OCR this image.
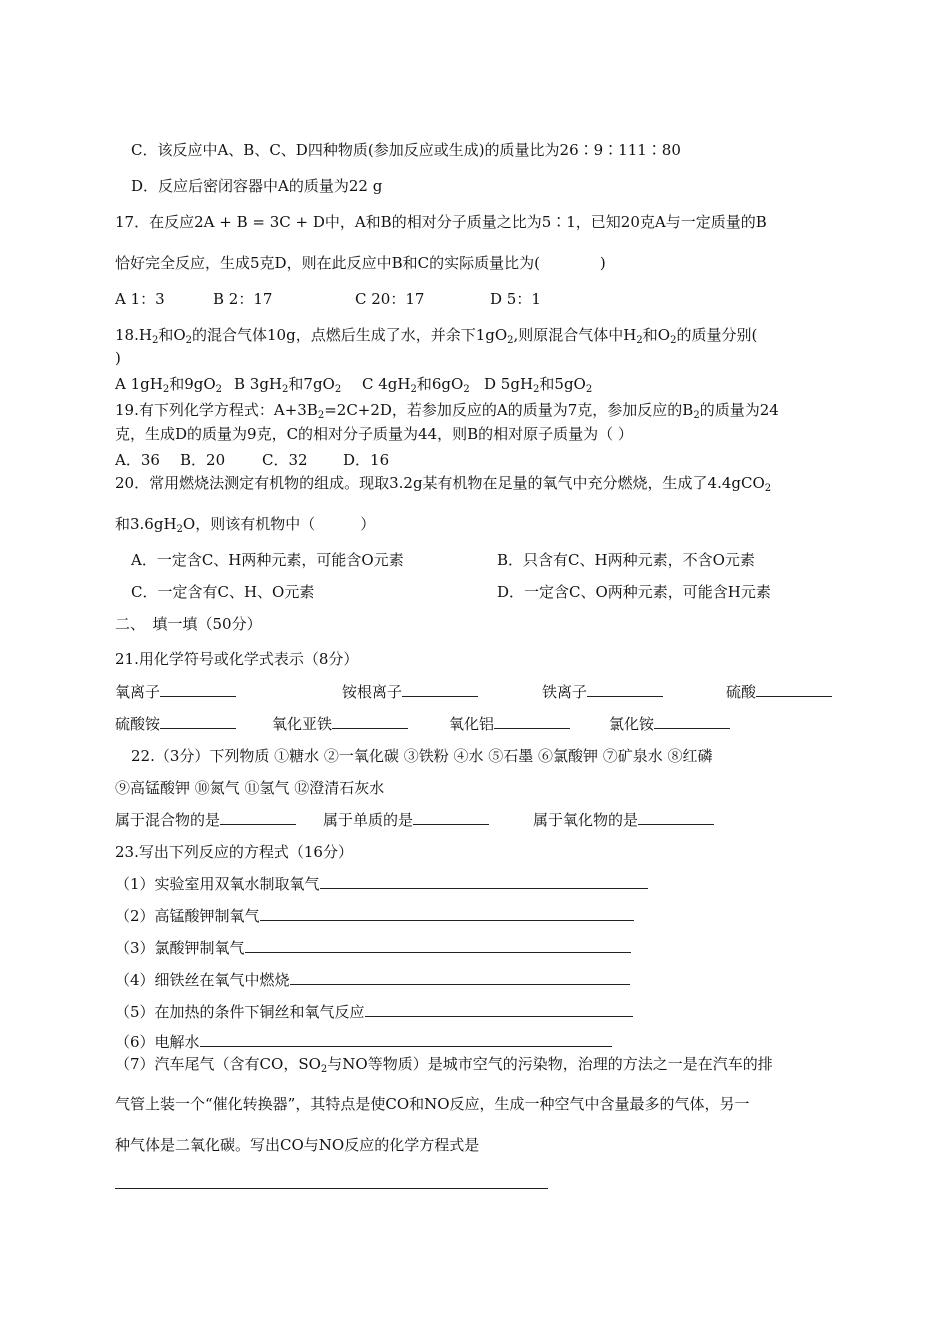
C．该反应中A、B、C、D四种物质(参加反应或生成)的质量比为26∶9∶111∶80
D．反应后密闭容器中A的质量为22 g
17．在反应2A + B = 3C + D中，A和B的相对分子质量之比为5∶1，已知20克A与一定质量的B
恰好完全反应，生成5克D，则在此反应中B和C的实际质量比为(　　　　)
A 1：3	B 2：17	C 20：17	D 5：1
$18.H_2$和$O_2$的混合气体10g，点燃后生成了水，并余下$1gO_2$,则原混合气体中$H_2$和$O_2$的质量分别(
)
A $1gH_2$和$9gO_2$ B $3gH_2$和$7gO_2$ C $4gH_2$和$6gO_2$ D $5gH_2$和$5gO_2$
19.有下列化学方程式：$A+3B_2=2C+2D$，若参加反应的A的质量为7克，参加反应的$B_2$的质量为24
克，生成D的质量为9克，C的相对分子质量为44，则B的相对原子质量为（ ）
A．36 B．20 C．32 D．16
20．常用燃烧法测定有机物的组成。现取3.2g某有机物在足量的氧气中充分燃烧，生成了4.4gCO$_2$
和$3.6gH_2O$，则该有机物中（　　　）
A．一定含C、H两种元素，可能含O元素	B．只含有C、H两种元素，不含O元素
C．一定含有C、H、O元素	D．一定含C、O两种元素，可能含H元素
二、　填一填（50分）
21.用化学符号或化学式表示（8分）
氧离子	铵根离子	铁离子	硫酸
硫酸铵	氧化亚铁	氧化铝	氯化铵
22.（3分）下列物质 ①糖水 ②一氧化碳 ③铁粉 ④水 ⑤石墨 ⑥氯酸钾 ⑦矿泉水 ⑧红磷
⑨高锰酸钾 ⑩氮气 ⑪氢气 ⑫澄清石灰水
属于混合物的是	属于单质的是	属于氧化物的是
23.写出下列反应的方程式（16分）
（1）实验室用双氧水制取氧气
（2）高锰酸钾制氧气
（3）氯酸钾制氧气
（4）细铁丝在氧气中燃烧
（5）在加热的条件下铜丝和氧气反应
（6）电解水
（7）汽车尾气（含有CO，$SO_2$与NO等物质）是城市空气的污染物，治理的方法之一是在汽车的排
气管上装一个“催化转换器”，其特点是使CO和NO反应，生成一种空气中含量最多的气体，另一
种气体是二氧化碳。写出CO与NO反应的化学方程式是
